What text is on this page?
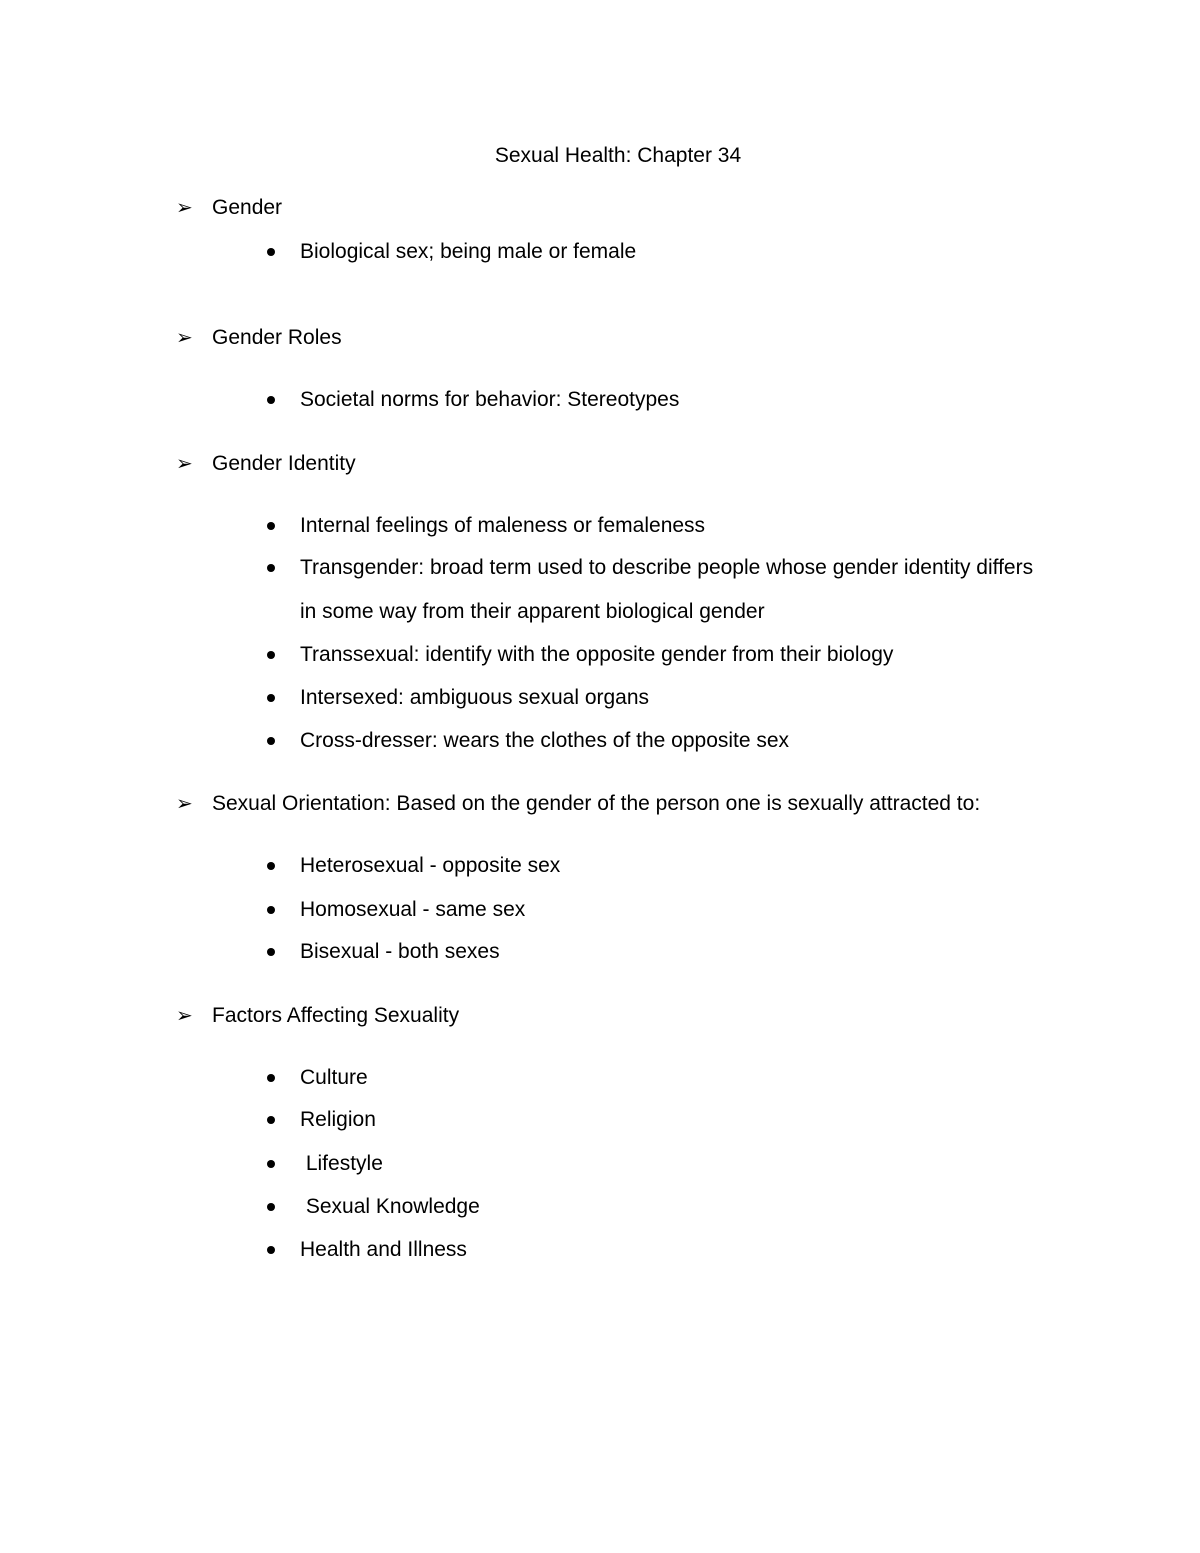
Sexual Health: Chapter 34
➢ Gender
Biological sex; being male or female
➢ Gender Roles
Societal norms for behavior: Stereotypes
➢ Gender Identity
Internal feelings of maleness or femaleness
Transgender: broad term used to describe people whose gender identity differs
in some way from their apparent biological gender
Transsexual: identify with the opposite gender from their biology
Intersexed: ambiguous sexual organs
Cross-dresser: wears the clothes of the opposite sex
➢ Sexual Orientation: Based on the gender of the person one is sexually attracted to:
Heterosexual - opposite sex
Homosexual - same sex
Bisexual - both sexes
➢ Factors Affecting Sexuality
Culture
Religion
Lifestyle
Sexual Knowledge
Health and Illness
